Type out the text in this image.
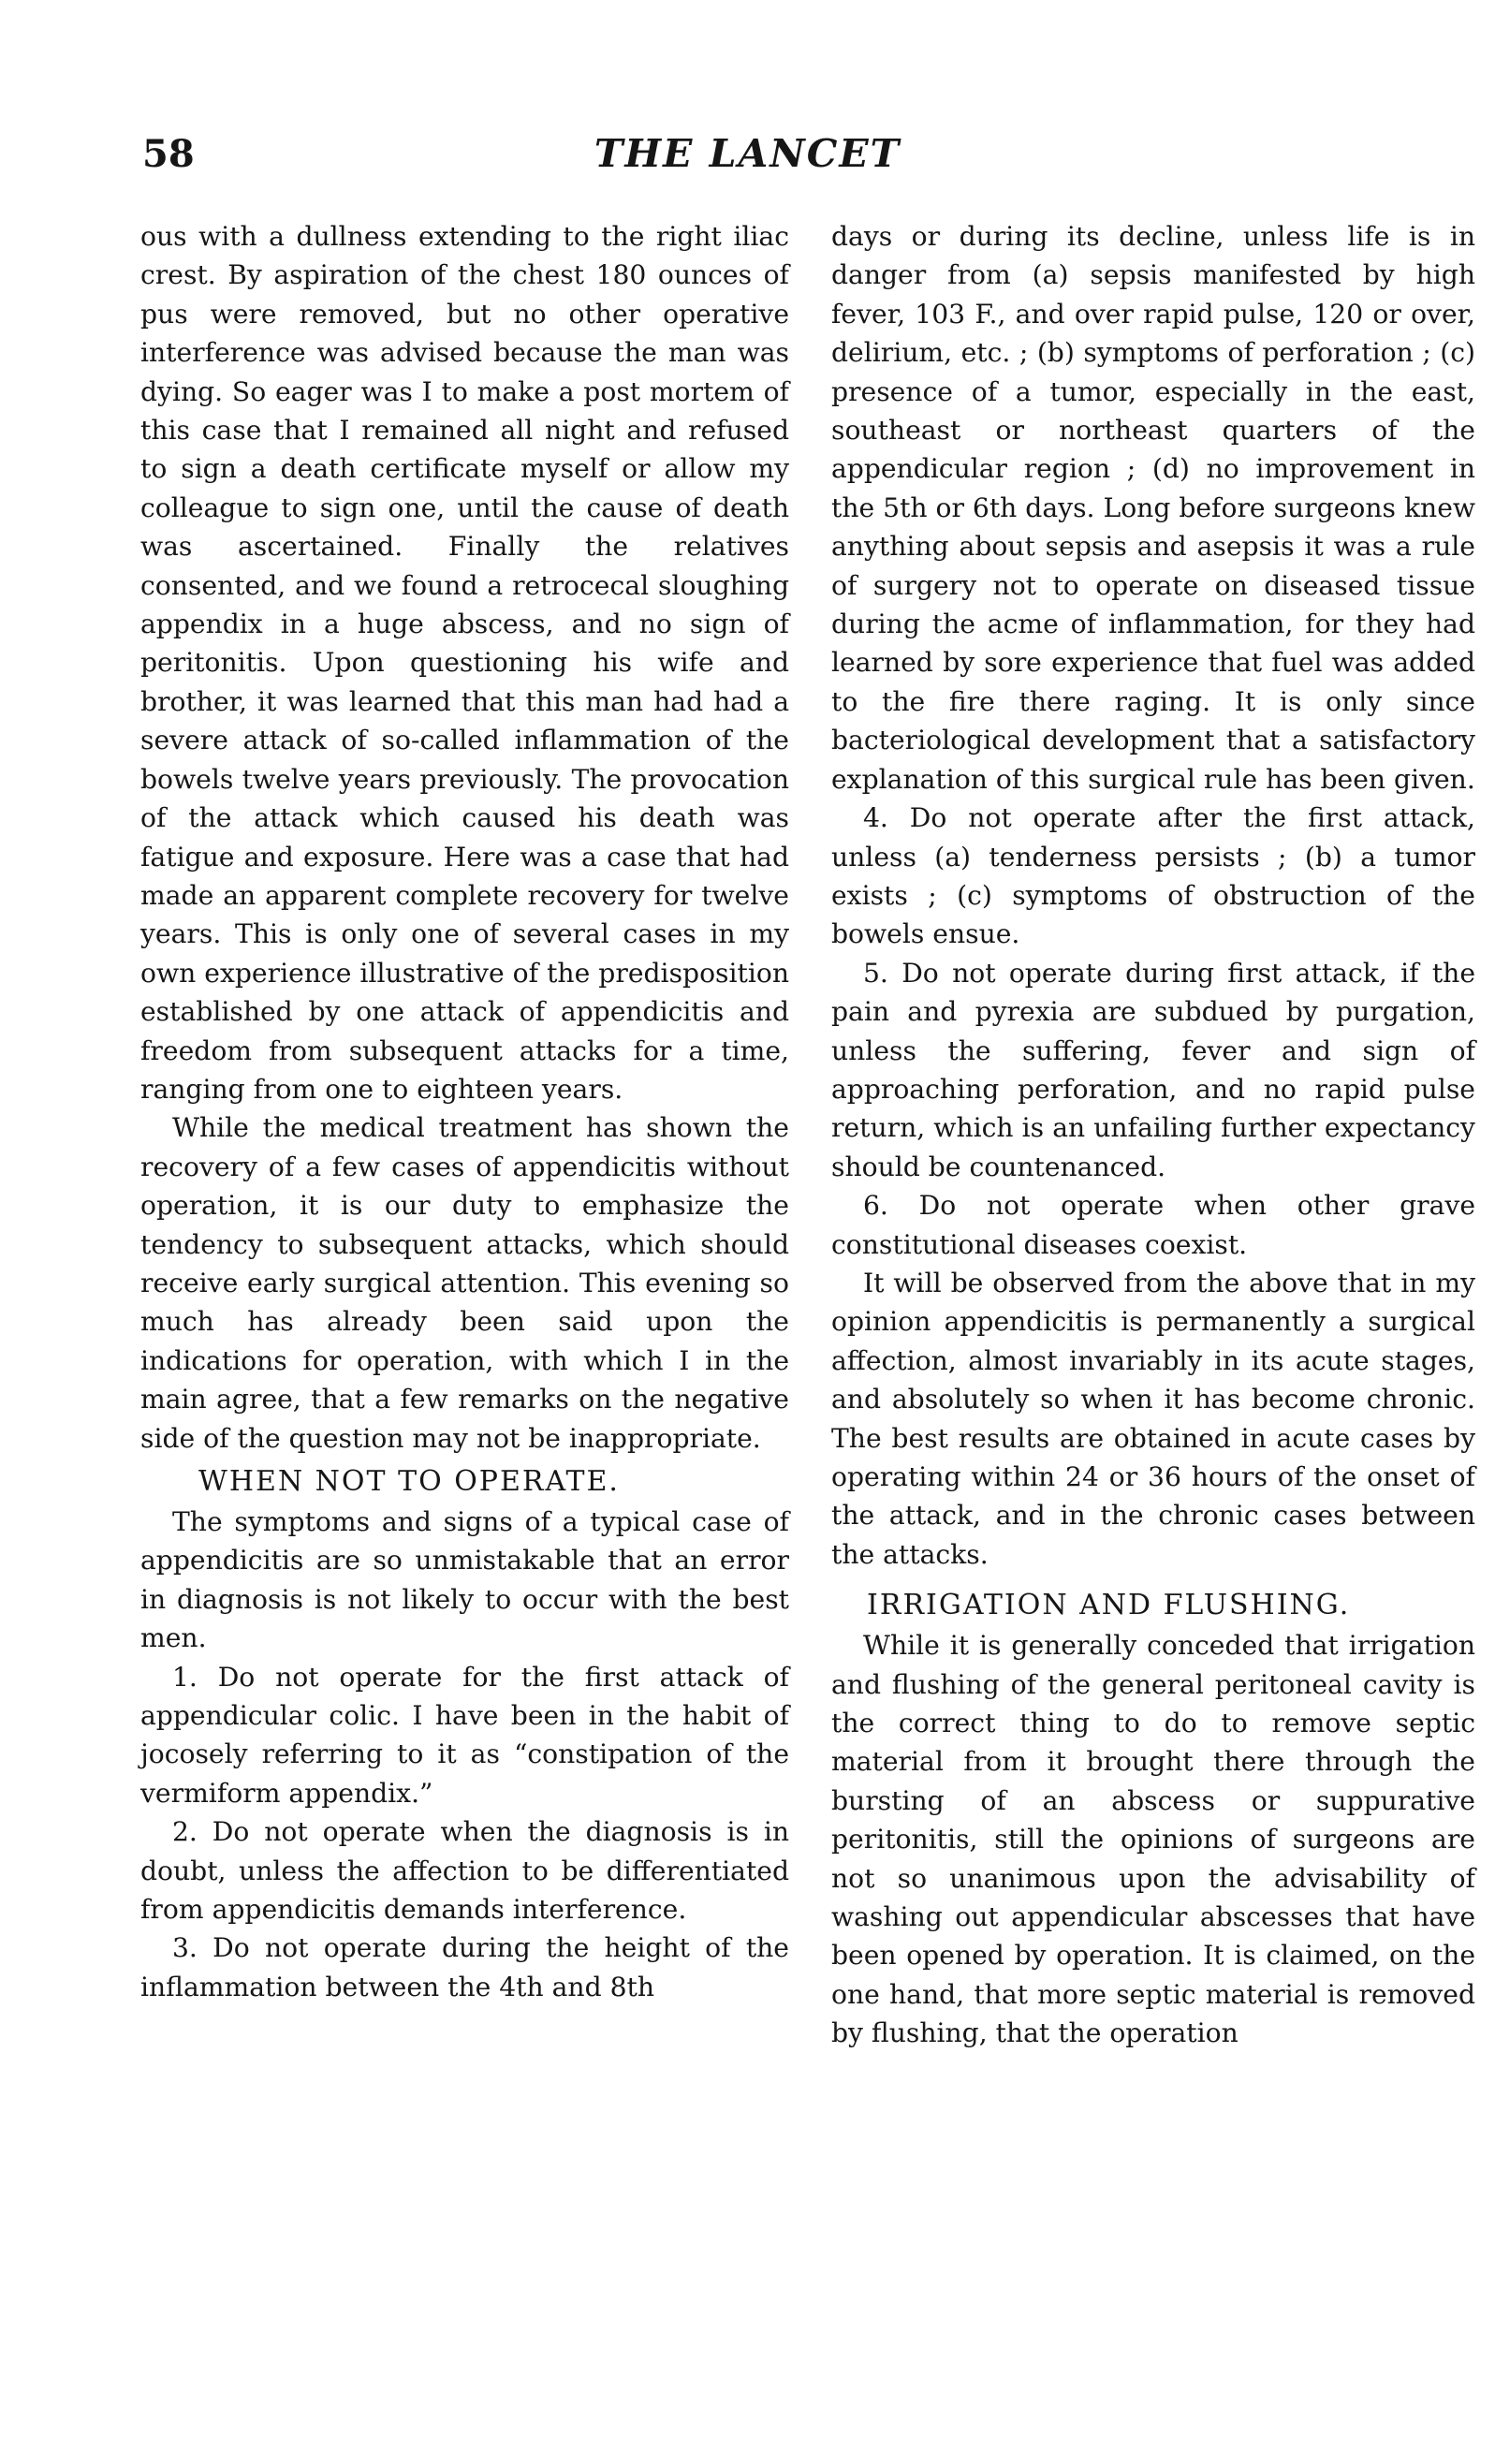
58	THE LANCET

ous with a dullness extending to the right iliac crest. By aspiration of the chest 180 ounces of pus were removed, but no other operative interference was advised because the man was dying. So eager was I to make a post mortem of this case that I remained all night and refused to sign a death certificate myself or allow my colleague to sign one, until the cause of death was ascertained. Finally the relatives consented, and we found a retrocecal sloughing appendix in a huge abscess, and no sign of peritonitis. Upon questioning his wife and brother, it was learned that this man had had a severe attack of so-called inflammation of the bowels twelve years previously. The provocation of the attack which caused his death was fatigue and exposure. Here was a case that had made an apparent complete recovery for twelve years. This is only one of several cases in my own experience illustrative of the predisposition established by one attack of appendicitis and freedom from subsequent attacks for a time, ranging from one to eighteen years.

While the medical treatment has shown the recovery of a few cases of appendicitis without operation, it is our duty to emphasize the tendency to subsequent attacks, which should receive early surgical attention. This evening so much has already been said upon the indications for operation, with which I in the main agree, that a few remarks on the negative side of the question may not be inappropriate.

WHEN NOT TO OPERATE.

The symptoms and signs of a typical case of appendicitis are so unmistakable that an error in diagnosis is not likely to occur with the best men.

1. Do not operate for the first attack of appendicular colic. I have been in the habit of jocosely referring to it as “constipation of the vermiform appendix.”

2. Do not operate when the diagnosis is in doubt, unless the affection to be differentiated from appendicitis demands interference.

3. Do not operate during the height of the inflammation between the 4th and 8th

days or during its decline, unless life is in danger from (a) sepsis manifested by high fever, 103 F., and over rapid pulse, 120 or over, delirium, etc. ; (b) symptoms of perforation ; (c) presence of a tumor, especially in the east, southeast or northeast quarters of the appendicular region ; (d) no improvement in the 5th or 6th days. Long before surgeons knew anything about sepsis and asepsis it was a rule of surgery not to operate on diseased tissue during the acme of inflammation, for they had learned by sore experience that fuel was added to the fire there raging. It is only since bacteriological development that a satisfactory explanation of this surgical rule has been given.

4. Do not operate after the first attack, unless (a) tenderness persists ; (b) a tumor exists ; (c) symptoms of obstruction of the bowels ensue.

5. Do not operate during first attack, if the pain and pyrexia are subdued by purgation, unless the suffering, fever and sign of approaching perforation, and no rapid pulse return, which is an unfailing further expectancy should be countenanced.

6. Do not operate when other grave constitutional diseases coexist.

It will be observed from the above that in my opinion appendicitis is permanently a surgical affection, almost invariably in its acute stages, and absolutely so when it has become chronic. The best results are obtained in acute cases by operating within 24 or 36 hours of the onset of the attack, and in the chronic cases between the attacks.

IRRIGATION AND FLUSHING.

While it is generally conceded that irrigation and flushing of the general peritoneal cavity is the correct thing to do to remove septic material from it brought there through the bursting of an abscess or suppurative peritonitis, still the opinions of surgeons are not so unanimous upon the advisability of washing out appendicular abscesses that have been opened by operation. It is claimed, on the one hand, that more septic material is removed by flushing, that the operation
